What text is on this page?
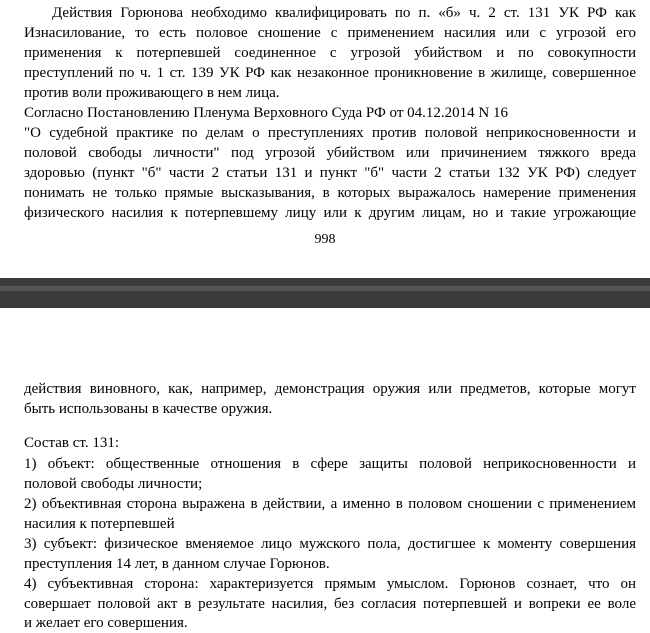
Действия Горюнова необходимо квалифицировать по п. «б» ч. 2 ст. 131 УК РФ как
Изнасилование, то есть половое сношение с применением насилия или с угрозой его
применения к потерпевшей соединенное с угрозой убийством и по совокупности
преступлений по ч. 1 ст. 139 УК РФ как незаконное проникновение в жилище, совершенное
против воли проживающего в нем лица.
Согласно Постановлению Пленума Верховного Суда РФ от 04.12.2014 N 16
"О судебной практике по делам о преступлениях против половой неприкосновенности и
половой свободы личности" под угрозой убийством или причинением тяжкого вреда
здоровью (пункт "б" части 2 статьи 131 и пункт "б" части 2 статьи 132 УК РФ) следует
понимать не только прямые высказывания, в которых выражалось намерение применения
физического насилия к потерпевшему лицу или к другим лицам, но и такие угрожающие
998
действия виновного, как, например, демонстрация оружия или предметов, которые могут
быть использованы в качестве оружия.
Состав ст. 131:
1) объект: общественные отношения в сфере защиты половой неприкосновенности и
половой свободы личности;
2) объективная сторона выражена в действии, а именно в половом сношении с применением
насилия к потерпевшей
3) субъект: физическое вменяемое лицо мужского пола, достигшее к моменту совершения
преступления 14 лет, в данном случае Горюнов.
4) субъективная сторона: характеризуется прямым умыслом. Горюнов сознает, что он
совершает половой акт в результате насилия, без согласия потерпевшей и вопреки ее воле
и желает его совершения.
